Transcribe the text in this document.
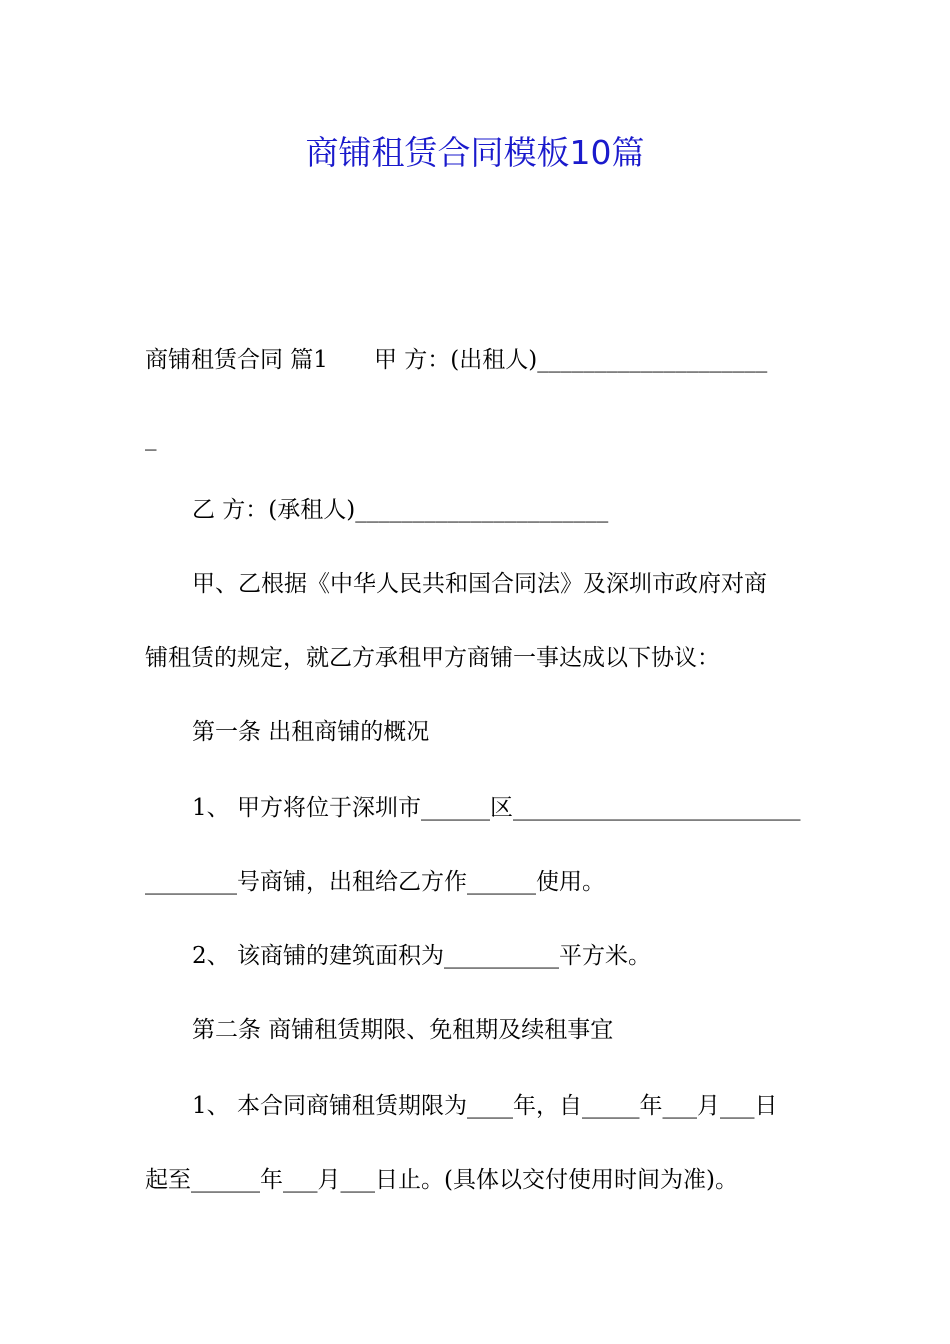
商铺租赁合同模板10篇
商铺租赁合同 篇1　　甲 方：(出租人)____________________
_
乙 方：(承租人)______________________
甲、乙根据《中华人民共和国合同法》及深圳市政府对商
铺租赁的规定，就乙方承租甲方商铺一事达成以下协议：
第一条 出租商铺的概况
1、 甲方将位于深圳市______区_________________________
________号商铺，出租给乙方作______使用。
2、 该商铺的建筑面积为__________平方米。
第二条 商铺租赁期限、免租期及续租事宜
1、 本合同商铺租赁期限为____年，自_____年___月___日
起至______年___月___日止。(具体以交付使用时间为准)。
